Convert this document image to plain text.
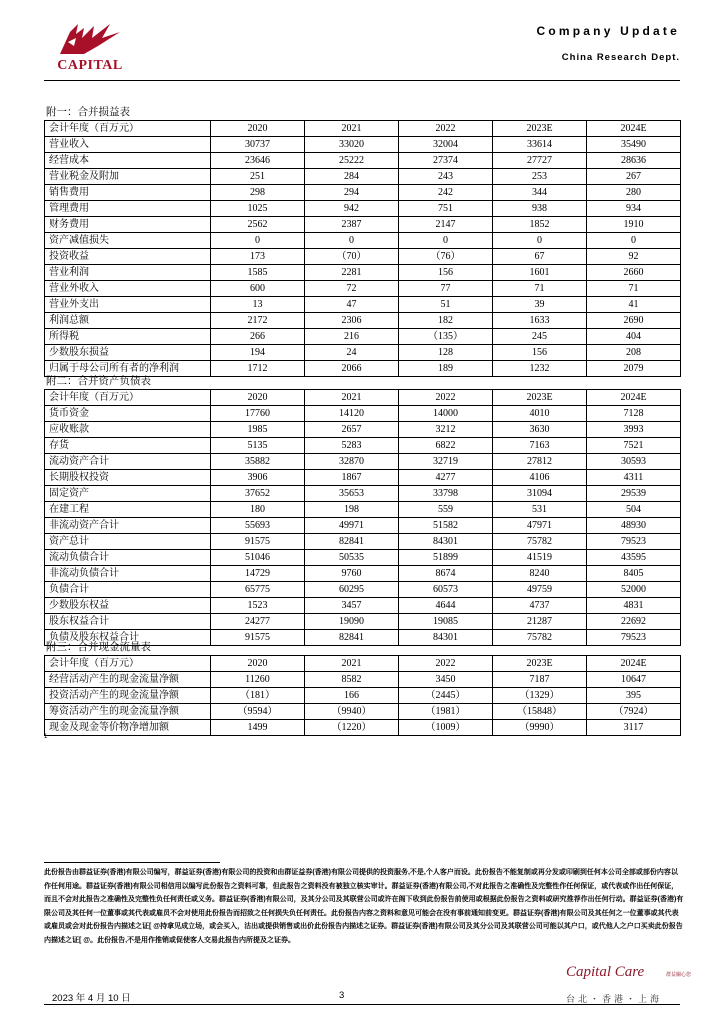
CAPITAL
Company Update
China Research Dept.
附一：合并损益表
会计年度（百万元）	2020	2021	2022	2023E	2024E
营业收入	30737	33020	32004	33614	35490
经营成本	23646	25222	27374	27727	28636
营业税金及附加	251	284	243	253	267
销售费用	298	294	242	344	280
管理费用	1025	942	751	938	934
财务费用	2562	2387	2147	1852	1910
资产减值损失	0	0	0	0	0
投资收益	173	（70）	（76）	67	92
营业利润	1585	2281	156	1601	2660
营业外收入	600	72	77	71	71
营业外支出	13	47	51	39	41
利润总额	2172	2306	182	1633	2690
所得税	266	216	（135）	245	404
少数股东损益	194	24	128	156	208
归属于母公司所有者的净利润	1712	2066	189	1232	2079
附二：合并资产负债表
会计年度（百万元）	2020	2021	2022	2023E	2024E
货币资金	17760	14120	14000	4010	7128
应收账款	1985	2657	3212	3630	3993
存货	5135	5283	6822	7163	7521
流动资产合计	35882	32870	32719	27812	30593
长期股权投资	3906	1867	4277	4106	4311
固定资产	37652	35653	33798	31094	29539
在建工程	180	198	559	531	504
非流动资产合计	55693	49971	51582	47971	48930
资产总计	91575	82841	84301	75782	79523
流动负债合计	51046	50535	51899	41519	43595
非流动负债合计	14729	9760	8674	8240	8405
负债合计	65775	60295	60573	49759	52000
少数股东权益	1523	3457	4644	4737	4831
股东权益合计	24277	19090	19085	21287	22692
负债及股东权益合计	91575	82841	84301	75782	79523
附三：合并现金流量表
会计年度（百万元）	2020	2021	2022	2023E	2024E
经营活动产生的现金流量净额	11260	8582	3450	7187	10647
投资活动产生的现金流量净额	（181）	166	（2445）	（1329）	395
筹资活动产生的现金流量净额	（9594）	（9940）	（1981）	（15848）	（7924）
现金及现金等价物净增加额	1499	（1220）	（1009）	（9990）	3117
1
此份报告由群益证券(香港)有限公司编写，群益证券(香港)有限公司的投资和由群证益券(香港)有限公司提供的投资服务,不是,个人客户而设。此份报告不能复制或再分发或印刷到任何本公司全部或部份内容以作任何用途。群益证券(香港)有限公司相信用以编写此份报告之资料可靠，但此报告之资料没有被独立核实审计。群益证券(香港)有限公司,不对此报告之准确性及完整性作任何保证，或代表或作出任何保证，而且不会对此报告之准确性及完整性负任何责任或义务。群益证券(香港)有限公司，及其分公司及其联营公司或许在阁下收到此份报告前使用或根据此份报告之资料或研究推荐作出任何行动。群益证券(香港)有限公司及其任何一位董事或其代表或雇员不会对使用此份报告而招致之任何损失负任何责任。此份报告内容之资料和意见可能会在没有事前通知前变更。群益证券(香港)有限公司及其任何之一位董事或其代表或雇员或会对此份报告内描述之证[ @持拿见成立场，或会买入，沽出或提供销售或出价此份报告内描述之证券。群益证券(香港)有限公司及其分公司及其联营公司可能以其户口，或代他人之户口买卖此份报告内描述之证[ @。此份报告,不是用作推销或促使客人交易此报告内所提及之证券。
Capital Care	群益關心您
台北・香港・上海
2023 年 4 月 10 日	3
